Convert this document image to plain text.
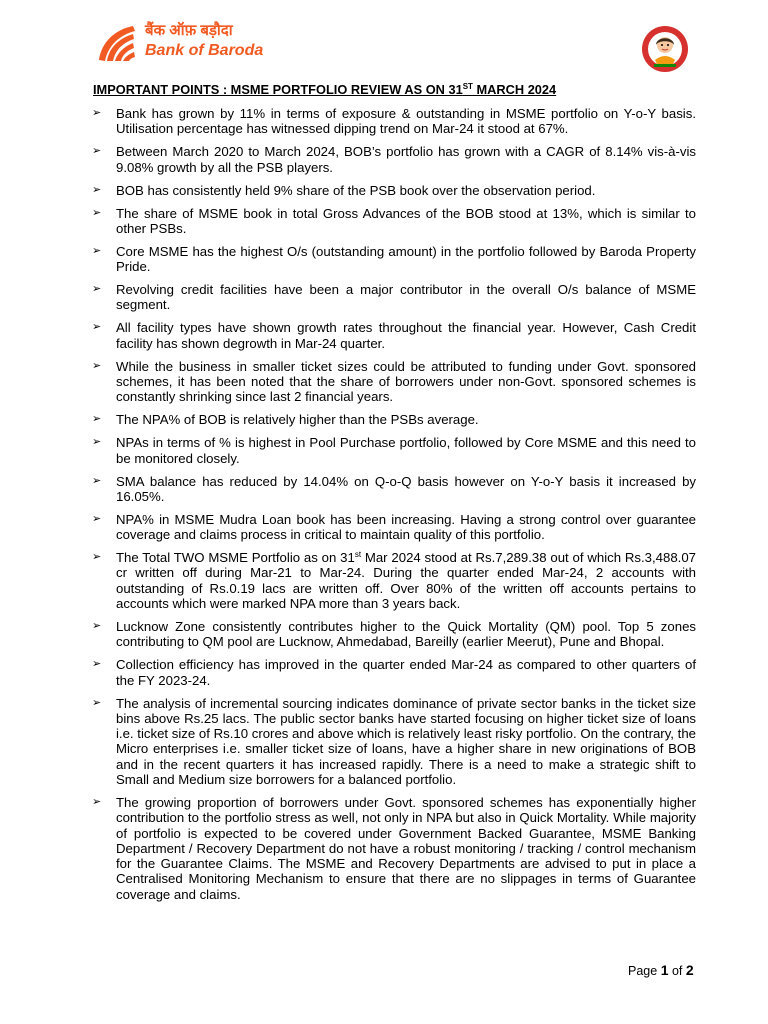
बैंक ऑफ़ बड़ौदा
Bank of Baroda
IMPORTANT POINTS : MSME PORTFOLIO REVIEW AS ON 31ST MARCH 2024
➢ Bank has grown by 11% in terms of exposure & outstanding in MSME portfolio on Y-o-Y basis. Utilisation percentage has witnessed dipping trend on Mar-24 it stood at 67%.
➢ Between March 2020 to March 2024, BOB’s portfolio has grown with a CAGR of 8.14% vis-à-vis 9.08% growth by all the PSB players.
➢ BOB has consistently held 9% share of the PSB book over the observation period.
➢ The share of MSME book in total Gross Advances of the BOB stood at 13%, which is similar to other PSBs.
➢ Core MSME has the highest O/s (outstanding amount) in the portfolio followed by Baroda Property Pride.
➢ Revolving credit facilities have been a major contributor in the overall O/s balance of MSME segment.
➢ All facility types have shown growth rates throughout the financial year. However, Cash Credit facility has shown degrowth in Mar-24 quarter.
➢ While the business in smaller ticket sizes could be attributed to funding under Govt. sponsored schemes, it has been noted that the share of borrowers under non-Govt. sponsored schemes is constantly shrinking since last 2 financial years.
➢ The NPA% of BOB is relatively higher than the PSBs average.
➢ NPAs in terms of % is highest in Pool Purchase portfolio, followed by Core MSME and this need to be monitored closely.
➢ SMA balance has reduced by 14.04% on Q-o-Q basis however on Y-o-Y basis it increased by 16.05%.
➢ NPA% in MSME Mudra Loan book has been increasing. Having a strong control over guarantee coverage and claims process in critical to maintain quality of this portfolio.
➢ The Total TWO MSME Portfolio as on 31st Mar 2024 stood at Rs.7,289.38 out of which Rs.3,488.07 cr written off during Mar-21 to Mar-24. During the quarter ended Mar-24, 2 accounts with outstanding of Rs.0.19 lacs are written off. Over 80% of the written off accounts pertains to accounts which were marked NPA more than 3 years back.
➢ Lucknow Zone consistently contributes higher to the Quick Mortality (QM) pool. Top 5 zones contributing to QM pool are Lucknow, Ahmedabad, Bareilly (earlier Meerut), Pune and Bhopal.
➢ Collection efficiency has improved in the quarter ended Mar-24 as compared to other quarters of the FY 2023-24.
➢ The analysis of incremental sourcing indicates dominance of private sector banks in the ticket size bins above Rs.25 lacs. The public sector banks have started focusing on higher ticket size of loans i.e. ticket size of Rs.10 crores and above which is relatively least risky portfolio. On the contrary, the Micro enterprises i.e. smaller ticket size of loans, have a higher share in new originations of BOB and in the recent quarters it has increased rapidly. There is a need to make a strategic shift to Small and Medium size borrowers for a balanced portfolio.
➢ The growing proportion of borrowers under Govt. sponsored schemes has exponentially higher contribution to the portfolio stress as well, not only in NPA but also in Quick Mortality. While majority of portfolio is expected to be covered under Government Backed Guarantee, MSME Banking Department / Recovery Department do not have a robust monitoring / tracking / control mechanism for the Guarantee Claims. The MSME and Recovery Departments are advised to put in place a Centralised Monitoring Mechanism to ensure that there are no slippages in terms of Guarantee coverage and claims.
Page 1 of 2
